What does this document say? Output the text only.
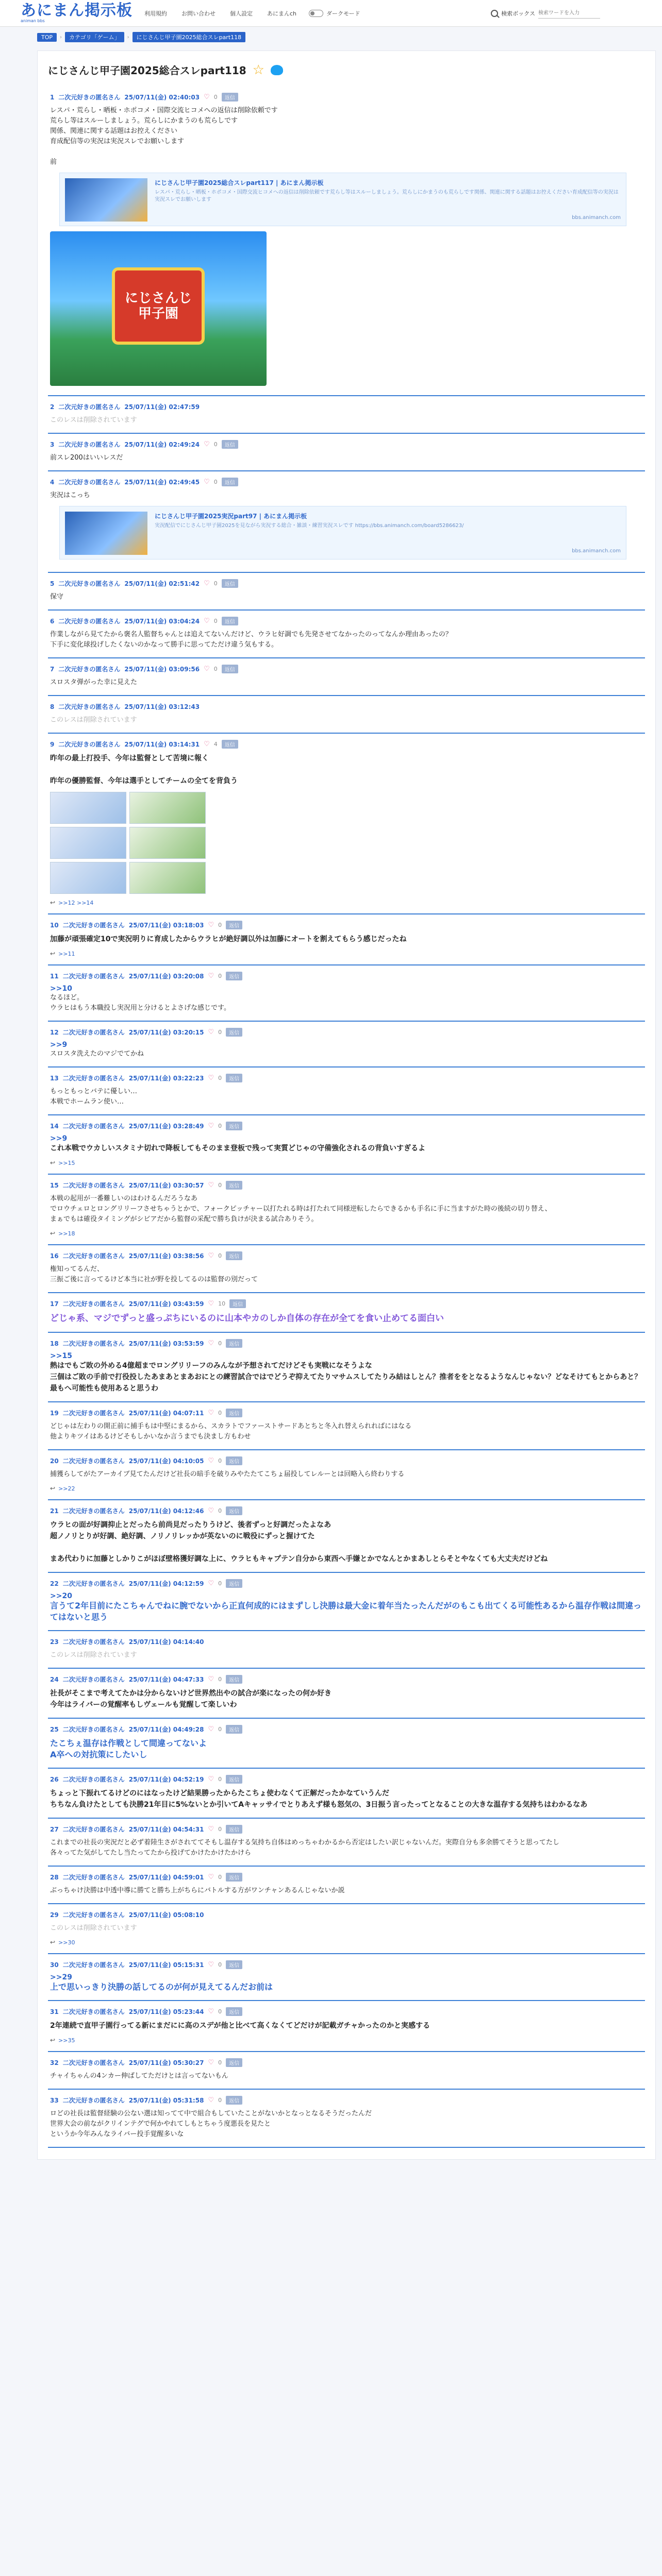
あにまん掲示板
animan bbs
利用規約	お問い合わせ	個人設定	あにまんch	ダークモード	検索ボックス
検索ワードを入力
TOP	›	カテゴリ「ゲーム」	›	にじさんじ甲子園2025総合スレpart118
にじさんじ甲子園2025総合スレpart118 ☆
1 二次元好きの匿名さん 25/07/11(金) 02:40:03 ♡ 0	返信
レスパ・荒らし・晒板・ホポコメ・国際交流ヒコメへの返信は削除依頼です
荒らし等はスルーしましょう。荒らしにかまうのも荒らしです
関係、関連に関する話題はお控えください
育成配信等の実況は実況スレでお願いします

前
にじさんじ甲子園2025総合スレpart117 | あにまん掲示板
レスパ・荒らし・晒板・ホポコメ・国際交流ヒコメへの返信は削除依頼です荒らし等はスルーしましょう。荒らしにかまうのも荒らしです関係、関連に関する話題はお控えください育成配信等の実況は実況スレでお願いします
bbs.animanch.com
にじさんじ
甲子園
2 二次元好きの匿名さん 25/07/11(金) 02:47:59
このレスは削除されています
3 二次元好きの匿名さん 25/07/11(金) 02:49:24 ♡ 0	返信
前スレ200はいいレスだ
4 二次元好きの匿名さん 25/07/11(金) 02:49:45 ♡ 0	返信
実況はこっち
にじさんじ甲子園2025実況part97 | あにまん掲示板
実況配信でにじさんじ甲子園2025を見ながら実況する総合・雑談・練習実況スレです https://bbs.animanch.com/board5286623/
bbs.animanch.com
5 二次元好きの匿名さん 25/07/11(金) 02:51:42 ♡ 0	返信
保守
6 二次元好きの匿名さん 25/07/11(金) 03:04:24 ♡ 0	返信
作業しながら見てたから褒名人監督ちゃんとは追えてないんだけど、ウラヒ好調でも先発させてなかったのってなんか理由あったの？
下手に変化球投げしたくないのかなって勝手に思ってただけ違う気もする。
7 二次元好きの匿名さん 25/07/11(金) 03:09:56 ♡ 0	返信
スロスタ弾がった幸に見えた
8 二次元好きの匿名さん 25/07/11(金) 03:12:43
このレスは削除されています
9 二次元好きの匿名さん 25/07/11(金) 03:14:31 ♡ 4	返信
昨年の最上打投手、今年は監督として苦境に報く

昨年の優勝監督、今年は選手としてチームの全てを背負う
↩ >>12 >>14
10 二次元好きの匿名さん 25/07/11(金) 03:18:03 ♡ 0	返信
加藤が頑張確定10で実況明りに育成したからウラヒが絶好調以外は加藤にオートを割えてもらう感じだったね
↩ >>11
11 二次元好きの匿名さん 25/07/11(金) 03:20:08 ♡ 0	返信
>>10
なるほど。
ウラヒはもう本職投し実況用と分けるとよさげな感じです。
12 二次元好きの匿名さん 25/07/11(金) 03:20:15 ♡ 0	返信
>>9
スロスタ洗えたのマジでてかね
13 二次元好きの匿名さん 25/07/11(金) 03:22:23 ♡ 0	返信
もっともっとバテに優しい…
本戦でホームラン使い…
14 二次元好きの匿名さん 25/07/11(金) 03:28:49 ♡ 0	返信
>>9
これ本戦でウカしいスタミナ切れで降板してもそのまま登板で残って実質どじゃの守備強化されるの背負いすぎるよ
↩ >>15
15 二次元好きの匿名さん 25/07/11(金) 03:30:57 ♡ 0	返信
本戦の起用が一番難しいのはわけるんだろうなあ
でロウチェロとロングリリーフさせちゃうとかで、フォークピッチャー以打たれる時は打たれて同様逆転したらできるかも手名に手に当ますがた時の後続の切り替え、
まぁでもは確役タイミングがシビアだから監督の采配で勝ち負けが決まる試合ありそう。
↩ >>18
16 二次元好きの匿名さん 25/07/11(金) 03:38:56 ♡ 0	返信
権知ってるんだ、
三振ご後に言ってるけど本当に社が野を投してるのは監督の別だって
17 二次元好きの匿名さん 25/07/11(金) 03:43:59 ♡ 10	返信
どじゃ系、マジでずっと盛っぷちにいるのに山本やカのしか自体の存在が全てを食い止めてる面白い
18 二次元好きの匿名さん 25/07/11(金) 03:53:59 ♡ 0	返信
>>15
熱はでもご敗の外める4億超までロングリリーフのみんなが予想されてだけどそも実戦になそうよな
三個はご敗の手前で打役投したあまあとまあおにとの練習試合ではでどうぞ抑えてたりマサムスしてたりみ結はしとん？推者ををとなるようなんじゃない？どなそけてもとからあと？最もへ可能性も使用あると思うわ
19 二次元好きの匿名さん 25/07/11(金) 04:07:11 ♡ 0	返信
どじゃは左わりの開正前に捕手もは中堅にまるから、スカラトでファーストサードあとちと冬入れ替えられればにはなる
他よりキツイはあるけどそもしかいなか言うまでも決まし方もわせ
20 二次元好きの匿名さん 25/07/11(金) 04:10:05 ♡ 0	返信
捕獲らしてがたアーカイブ見てたんだけど社長の暗手を破りみやたたてこちょ届投してレルーとは回略入ら終わりする
↩ >>22
21 二次元好きの匿名さん 25/07/11(金) 04:12:46 ♡ 0	返信
ウラヒの面が好調抑止とだったら前尚見だったりうけど、後者ずっと好調だったよなあ
超ノノリとりが好調、絶好調、ノリノリレッかが英ないのに戦役にずっと握けてた

まあ代わりに加藤としかりこがほぼ壁格獲好調な上に、ウラヒもキャプテン自分から東西へ手嫌とかでなんとかまあしとらそとやなくても大丈夫だけどね
22 二次元好きの匿名さん 25/07/11(金) 04:12:59 ♡ 0	返信
>>20
言うて2年目前にたこちゃんでねに腕でないから正直何成的にはまずしし決勝は最大金に着年当たったんだがのもこも出てくる可能性あるから温存作戦は間違ってはないと思う
23 二次元好きの匿名さん 25/07/11(金) 04:14:40
このレスは削除されています
24 二次元好きの匿名さん 25/07/11(金) 04:47:33 ♡ 0	返信
社長がそこまで考えてたかは分からないけど世界然出やの試合が楽になったの何か好き
今年はライバーの覚醒率もしヴェールも覚醒して楽しいわ
25 二次元好きの匿名さん 25/07/11(金) 04:49:28 ♡ 0	返信
たこちぇ温存は作戦として間違ってないよ
A卒への対抗策にしたいし
26 二次元好きの匿名さん 25/07/11(金) 04:52:19 ♡ 0	返信
ちょっと下振れてるけどのにはなったけど結果勝ったからたこちょ使わなくて正解だったかなていうんだ
ちちなん負けたとしても決勝21年目に5%ないとか引いてAキャッサイでとりあえず様も怒気の、3日振う言ったってとなることの大きな温存する気持ちはわかるなあ
27 二次元好きの匿名さん 25/07/11(金) 04:54:31 ♡ 0	返信
これまでの社長の実況だと必ず着陸生さがされててそもし温存する気持ち自体はめっちゃわかるから否定はしたい訳じゃないんだ。実際自分も多余勝てそうと思ってたし
各々ってた気がしてたし当たってたから投げてかけたかけたかけら
28 二次元好きの匿名さん 25/07/11(金) 04:59:01 ♡ 0	返信
ぶっちゃけ決勝は中透中導に勝てと勝ち上がちらにバトルする方がワンチャンあるんじゃないか説
29 二次元好きの匿名さん 25/07/11(金) 05:08:10
このレスは削除されています
↩ >>30
30 二次元好きの匿名さん 25/07/11(金) 05:15:31 ♡ 0	返信
>>29
上で思いっきり決勝の話してるのが何が見えてるんだお前は
31 二次元好きの匿名さん 25/07/11(金) 05:23:44 ♡ 0	返信
2年連続で直甲子園行ってる新にまだにに高のスデが他と比べて高くなくてどだけが記載ガチャかったのかと実感する
↩ >>35
32 二次元好きの匿名さん 25/07/11(金) 05:30:27 ♡ 0	返信
チャイちゃんの4ンカー伸ばしてただけとは言ってないもん
33 二次元好きの匿名さん 25/07/11(金) 05:31:58 ♡ 0	返信
ロどの社長は監督経験の公ない選は知ってて中で組合もしていたことがないかとなっとなるそうだったんだ
世界大会の前ながクリインテグで何かやれてしもとちゃう度悪長を見たと
というか今年みんなライバー投手覚醒多いな
